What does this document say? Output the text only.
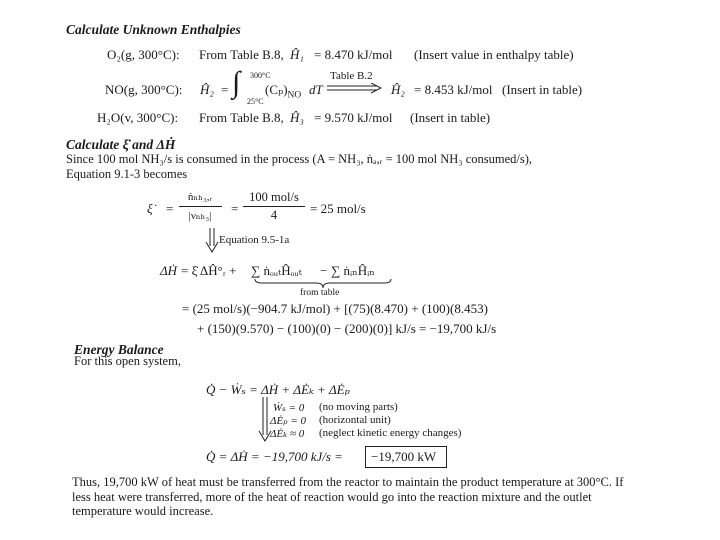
Calculate Unknown Enthalpies
O₂(g, 300°C): From Table B.8, Ĥ₁ = 8.470 kJ/mol (Insert value in enthalpy table)
NO(g, 300°C): Ĥ₂ = ∫ 300°C
25°C
$(C_p)_{NO}$ dT
Table B.2
Ĥ₂ = 8.453 kJ/mol (Insert in table)
H₂O(v, 300°C): From Table B.8, Ĥ₃ = 9.570 kJ/mol (Insert in table)
Calculate ξ̇ and ΔḢ
Since 100 mol NH₃/s is consumed in the process (A = NH₃, ṅₐ,ᵣ = 100 mol NH₃ consumed/s),
Equation 9.1-3 becomes
ξ̇ =
ṅₙₕ₃,ᵣ
|νₙₕ₃|	=
100 mol/s
4	= 25 mol/s
Equation 9.5-1a
ΔḢ = ξ̇ ΔĤ°ᵣ + ∑ ṅₒᵤₜĤₒᵤₜ − ∑ ṅᵢₙĤᵢₙ
from table
= (25 mol/s)(−904.7 kJ/mol) + [(75)(8.470) + (100)(8.453)
+ (150)(9.570) − (100)(0) − (200)(0)] kJ/s = −19,700 kJ/s
Energy Balance
For this open system,
Q̇ − Ẇₛ = ΔḢ + ΔĖₖ + ΔĖₚ
Ẇₛ = 0 (no moving parts)
ΔĖₚ = 0 (horizontal unit)
ΔĖₖ ≈ 0 (neglect kinetic energy changes)
Q̇ = ΔḢ = −19,700 kJ/s = −19,700 kW
Thus, 19,700 kW of heat must be transferred from the reactor to maintain the product temperature at 300°C. If less heat were transferred, more of the heat of reaction would go into the reaction mixture and the outlet temperature would increase.
